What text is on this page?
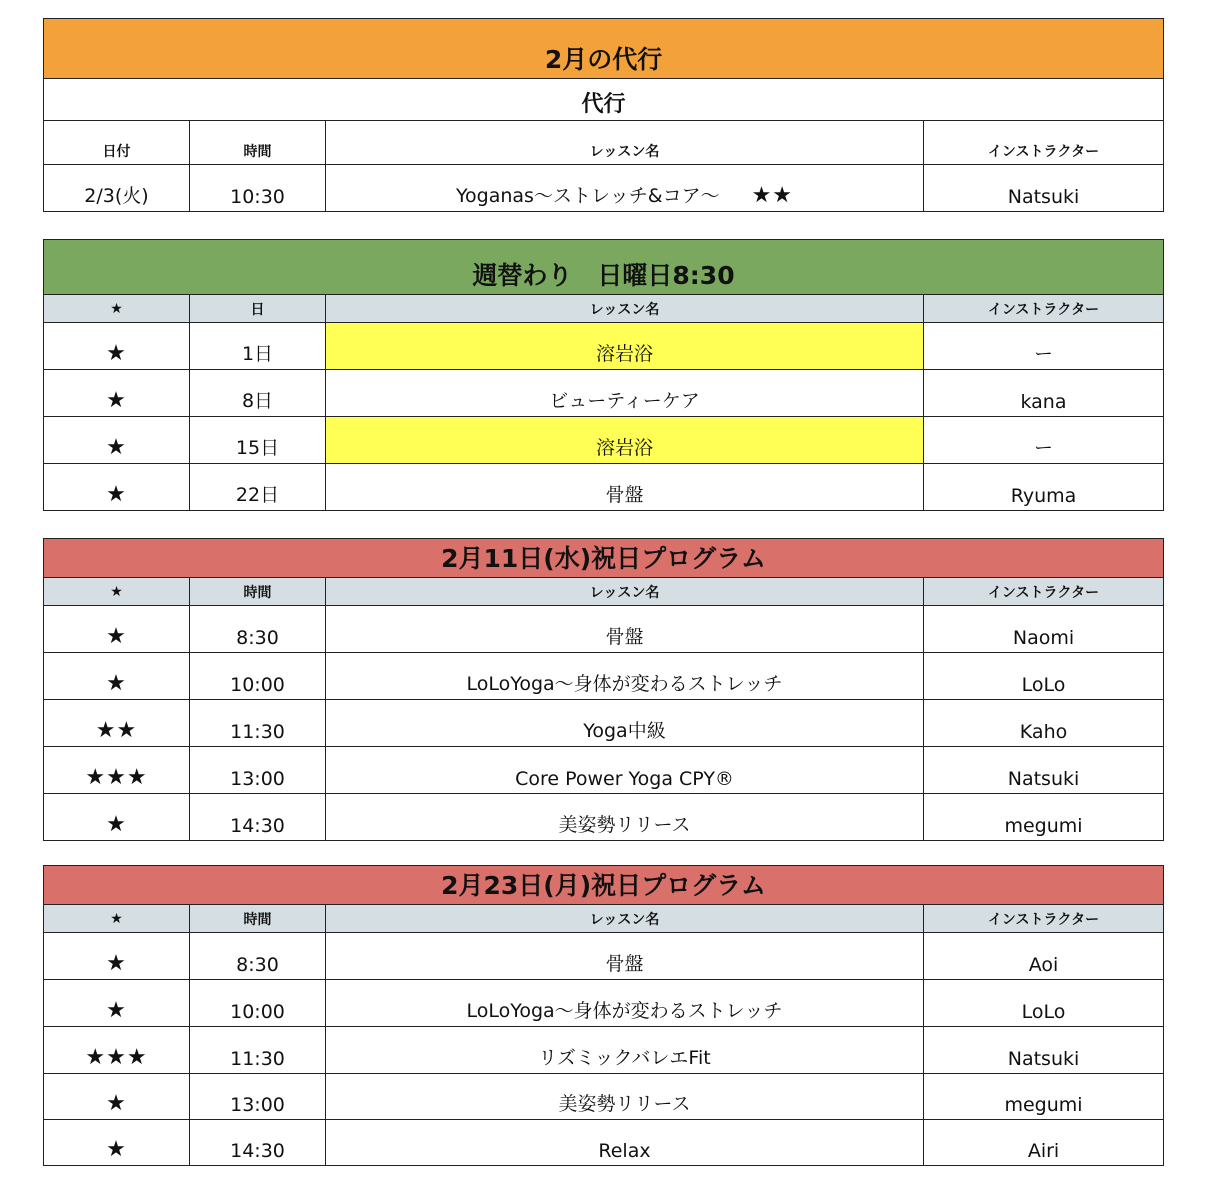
2月の代行			
代行			
日付	時間	レッスン名	インストラクター
2/3(火)	10:30	Yoganas～ストレッチ&コア～ ★★	Natsuki
週替わり　日曜日8:30			
★	日	レッスン名	インストラクター
★	1日	溶岩浴	ー
★	8日	ビューティーケア	kana
★	15日	溶岩浴	ー
★	22日	骨盤	Ryuma
2月11日(水)祝日プログラム			
★	時間	レッスン名	インストラクター
★	8:30	骨盤	Naomi
★	10:00	LoLoYoga～身体が変わるストレッチ	LoLo
★★	11:30	Yoga中級	Kaho
★★★	13:00	Core Power Yoga CPY®	Natsuki
★	14:30	美姿勢リリース	megumi
2月23日(月)祝日プログラム			
★	時間	レッスン名	インストラクター
★	8:30	骨盤	Aoi
★	10:00	LoLoYoga～身体が変わるストレッチ	LoLo
★★★	11:30	リズミックバレエFit	Natsuki
★	13:00	美姿勢リリース	megumi
★	14:30	Relax	Airi
